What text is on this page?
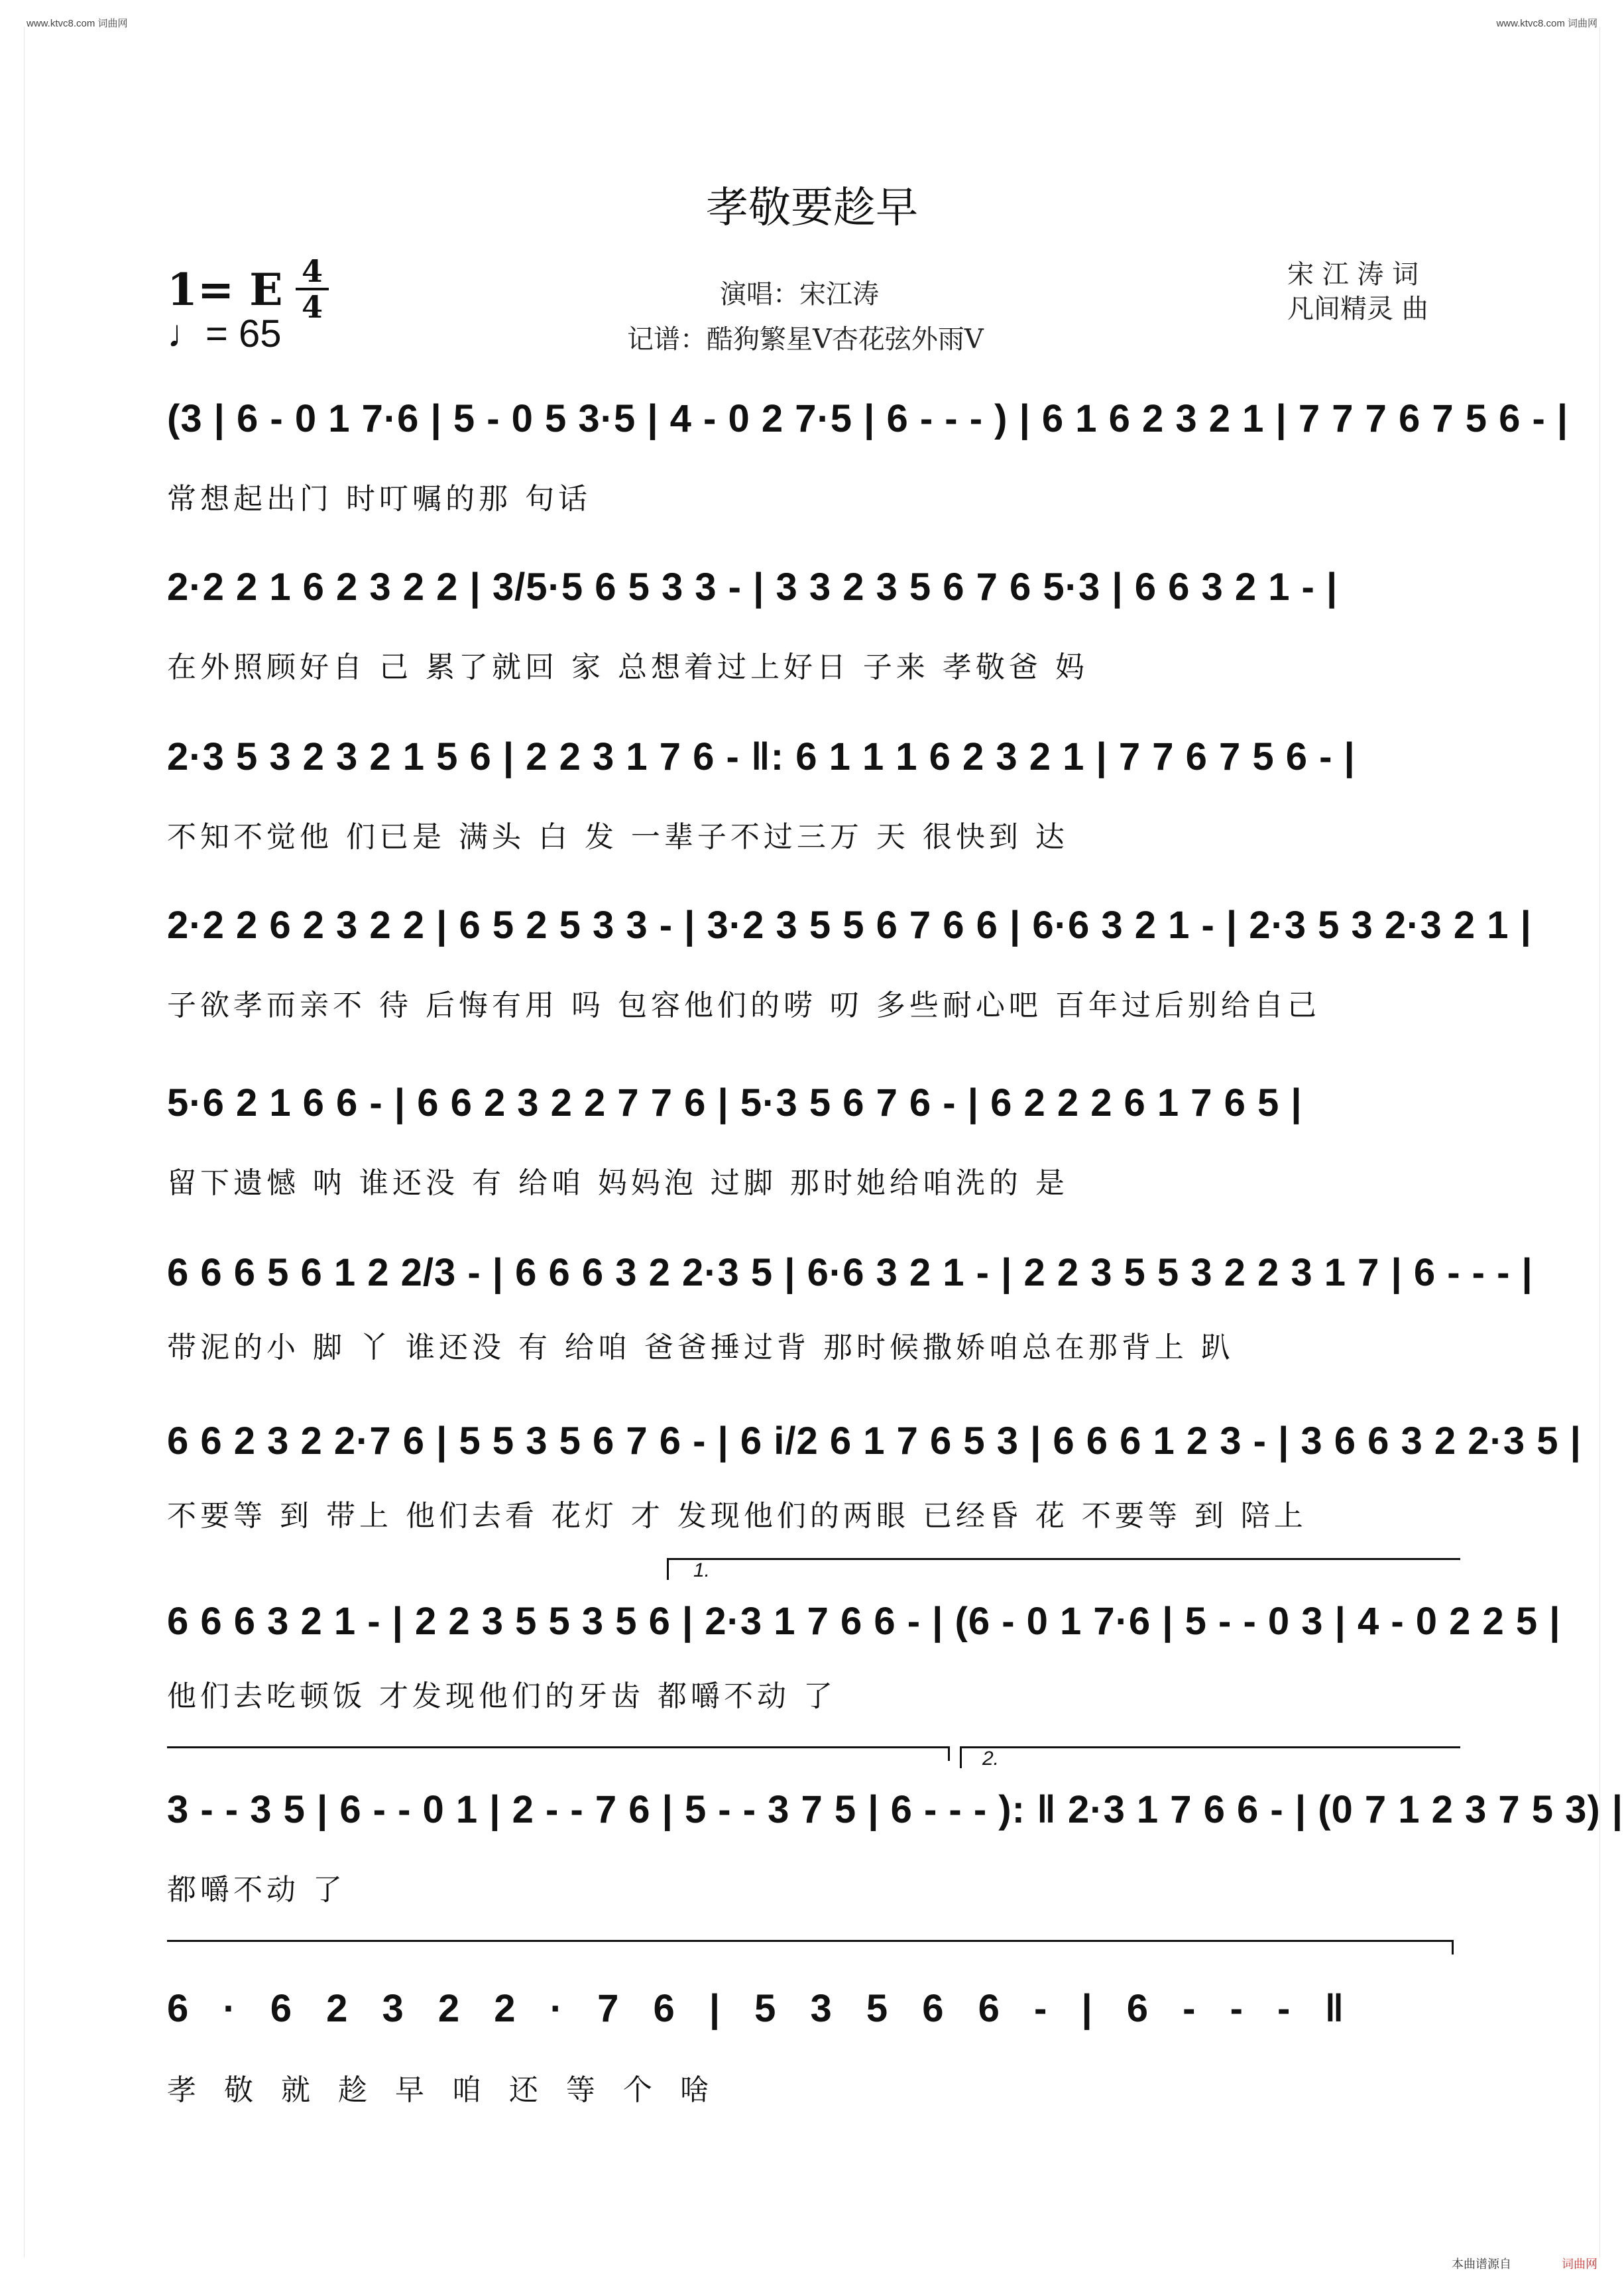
www.ktvc8.com 词曲网	www.ktvc8.com 词曲网
孝敬要趁早
1= E 4
4
♩= 65
演唱：宋江涛
记谱：酷狗繁星V杏花弦外雨V
宋 江 涛 词
凡间精灵 曲
(3 | 6 - 0 1 7·6 | 5 - 0 5 3·5 | 4 - 0 2 7·5 | 6 - - - ) | 6 1 6 2 3 2 1 | 7 7 7 6 7 5 6 - |
常想起出门 时叮嘱的那 句话
2·2 2 1 6 2 3 2 2 | 3/5·5 6 5 3 3 - | 3 3 2 3 5 6 7 6 5·3 | 6 6 3 2 1 - |
在外照顾好自 己 累了就回 家 总想着过上好日 子来 孝敬爸 妈
2·3 5 3 2 3 2 1 5 6 | 2 2 3 1 7 6 - ‖: 6 1 1 1 6 2 3 2 1 | 7 7 6 7 5 6 - |
不知不觉他 们已是 满头 白 发 一辈子不过三万 天 很快到 达
2·2 2 6 2 3 2 2 | 6 5 2 5 3 3 - | 3·2 3 5 5 6 7 6 6 | 6·6 3 2 1 - | 2·3 5 3 2·3 2 1 |
子欲孝而亲不 待 后悔有用 吗 包容他们的唠 叨 多些耐心吧 百年过后别给自己
5·6 2 1 6 6 - | 6 6 2 3 2 2 7 7 6 | 5·3 5 6 7 6 - | 6 2 2 2 6 1 7 6 5 |
留下遗憾 呐 谁还没 有 给咱 妈妈泡 过脚 那时她给咱洗的 是
6 6 6 5 6 1 2 2/3 - | 6 6 6 3 2 2·3 5 | 6·6 3 2 1 - | 2 2 3 5 5 3 2 2 3 1 7 | 6 - - - |
带泥的小 脚 丫 谁还没 有 给咱 爸爸捶过背 那时候撒娇咱总在那背上 趴
6 6 2 3 2 2·7 6 | 5 5 3 5 6 7 6 - | 6 i/2 6 1 7 6 5 3 | 6 6 6 1 2 3 - | 3 6 6 3 2 2·3 5 |
不要等 到 带上 他们去看 花灯 才 发现他们的两眼 已经昏 花 不要等 到 陪上
1.
6 6 6 3 2 1 - | 2 2 3 5 5 3 5 6 | 2·3 1 7 6 6 - | (6 - 0 1 7·6 | 5 - - 0 3 | 4 - 0 2 2 5 |
他们去吃顿饭 才发现他们的牙齿 都嚼不动 了
2.
3 - - 3 5 | 6 - - 0 1 | 2 - - 7 6 | 5 - - 3 7 5 | 6 - - - ): ‖ 2·3 1 7 6 6 - | (0 7 1 2 3 7 5 3) |
都嚼不动 了
6 · 6 2 3 2 2 · 7 6 | 5 3 5 6 6 - | 6 - - - ‖
孝 敬 就 趁 早 咱 还 等 个 啥
本曲谱源自	词曲网
